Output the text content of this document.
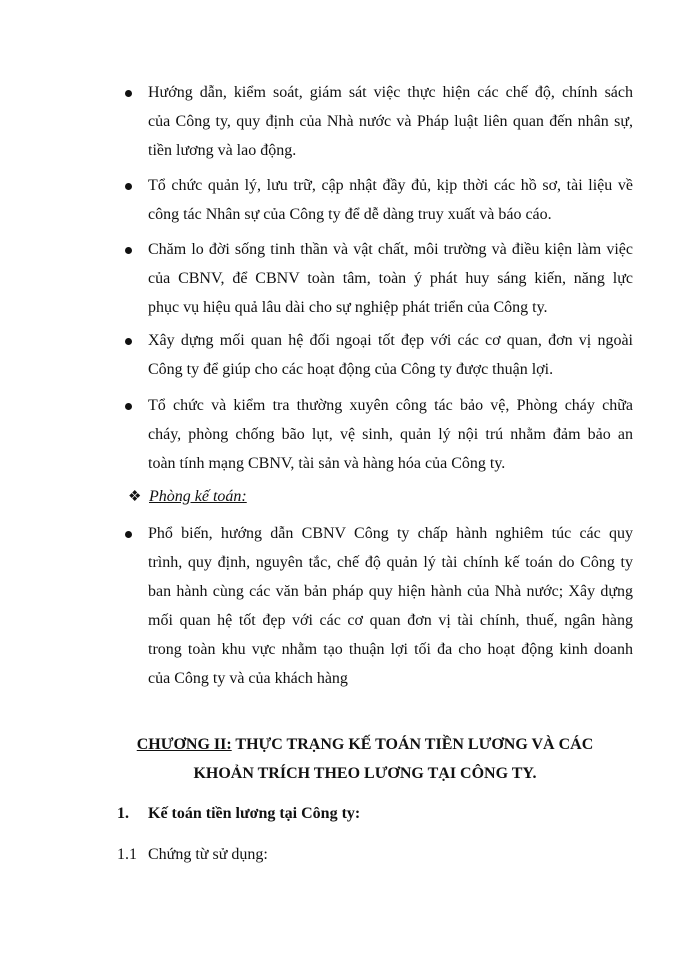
Hướng dẫn, kiểm soát, giám sát việc thực hiện các chế độ, chính sách
của Công ty, quy định của Nhà nước và Pháp luật liên quan đến nhân sự,
tiền lương và lao động.
Tổ chức quản lý, lưu trữ, cập nhật đầy đủ, kịp thời các hồ sơ, tài liệu về
công tác Nhân sự của Công ty để dễ dàng truy xuất và báo cáo.
Chăm lo đời sống tinh thần và vật chất, môi trường và điều kiện làm việc
của CBNV, để CBNV toàn tâm, toàn ý phát huy sáng kiến, năng lực
phục vụ hiệu quả lâu dài cho sự nghiệp phát triển của Công ty.
Xây dựng mối quan hệ đối ngoại tốt đẹp với các cơ quan, đơn vị ngoài
Công ty để giúp cho các hoạt động của Công ty được thuận lợi.
Tổ chức và kiểm tra thường xuyên công tác bảo vệ, Phòng cháy chữa
cháy, phòng chống bão lụt, vệ sinh, quản lý nội trú nhằm đảm bảo an
toàn tính mạng CBNV, tài sản và hàng hóa của Công ty.
❖ Phòng kế toán:
Phổ biến, hướng dẫn CBNV Công ty chấp hành nghiêm túc các quy
trình, quy định, nguyên tắc, chế độ quản lý tài chính kế toán do Công ty
ban hành cùng các văn bản pháp quy hiện hành của Nhà nước; Xây dựng
mối quan hệ tốt đẹp với các cơ quan đơn vị tài chính, thuế, ngân hàng
trong toàn khu vực nhằm tạo thuận lợi tối đa cho hoạt động kinh doanh
của Công ty và của khách hàng
CHƯƠNG II: THỰC TRẠNG KẾ TOÁN TIỀN LƯƠNG VÀ CÁC
KHOẢN TRÍCH THEO LƯƠNG TẠI CÔNG TY.
1. Kế toán tiền lương tại Công ty:
1.1 Chứng từ sử dụng:
